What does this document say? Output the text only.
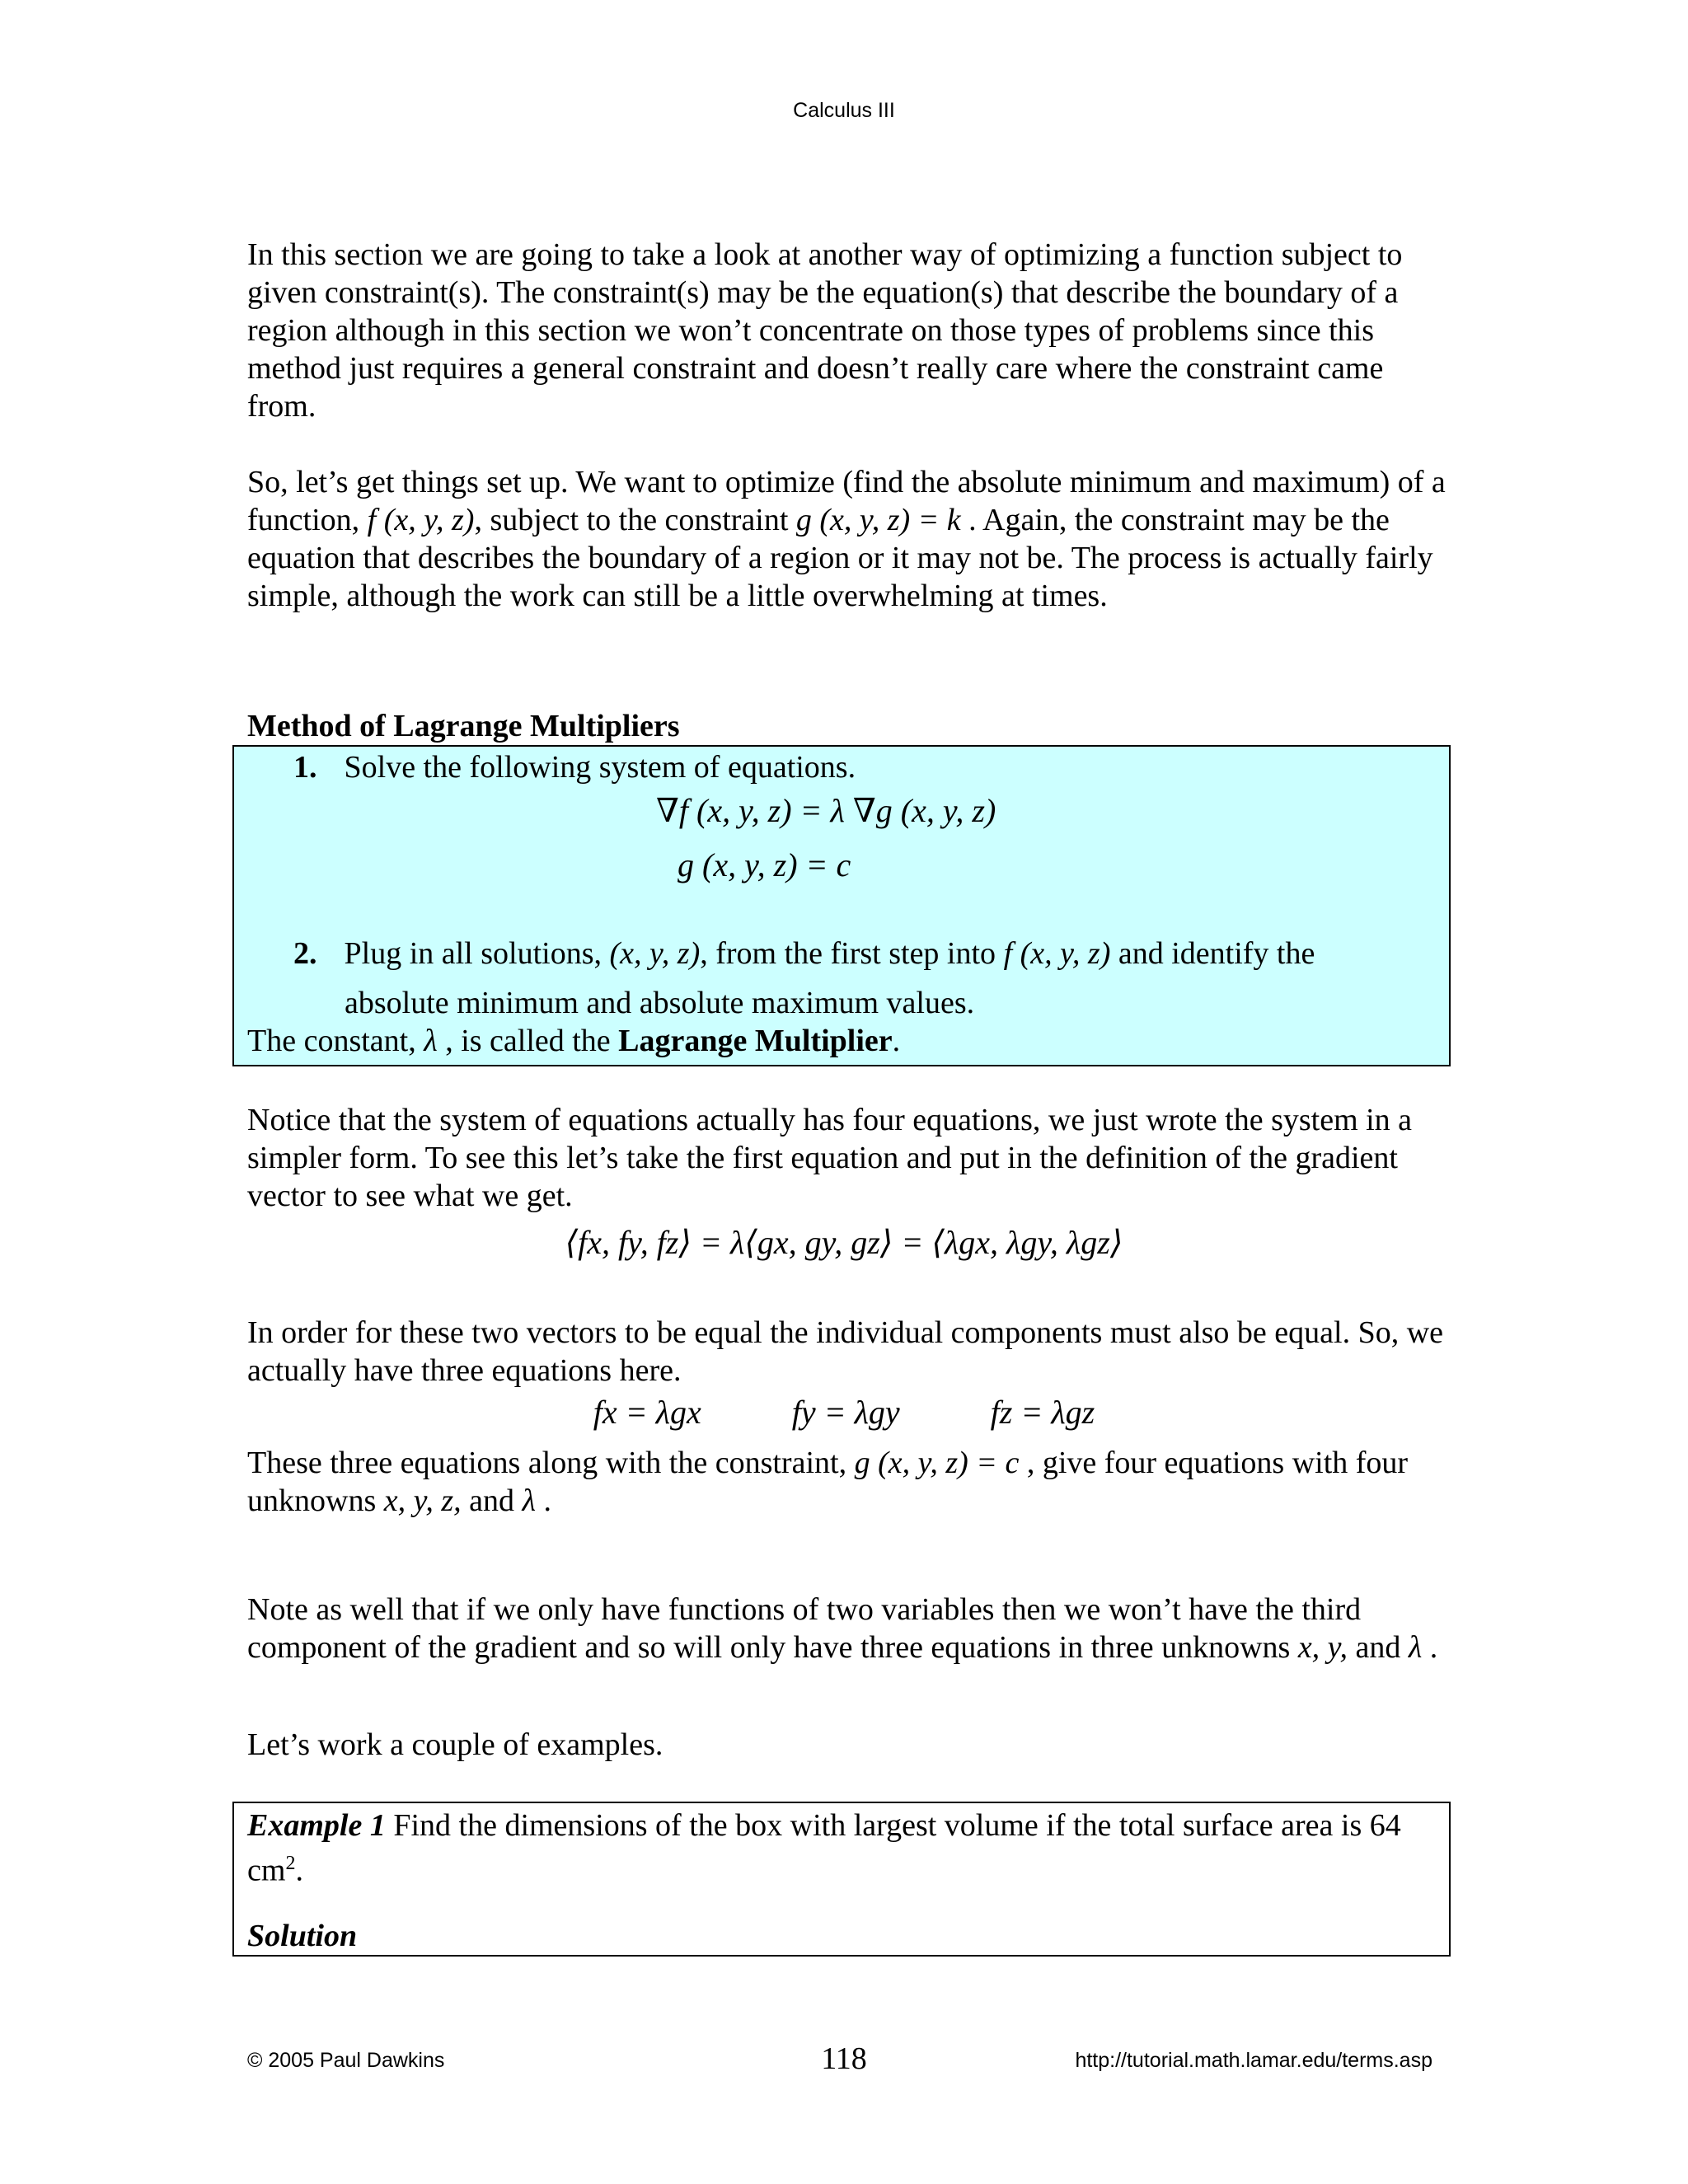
Calculus III

In this section we are going to take a look at another way of optimizing a function subject to given constraint(s). The constraint(s) may be the equation(s) that describe the boundary of a region although in this section we won’t concentrate on those types of problems since this method just requires a general constraint and doesn’t really care where the constraint came from.

So, let’s get things set up. We want to optimize (find the absolute minimum and maximum) of a function, f (x, y, z), subject to the constraint g (x, y, z) = k . Again, the constraint may be the equation that describes the boundary of a region or it may not be. The process is actually fairly simple, although the work can still be a little overwhelming at times.

Method of Lagrange Multipliers
1. Solve the following system of equations.
∇f (x, y, z) = λ ∇g (x, y, z)
g (x, y, z) = c
2. Plug in all solutions, (x, y, z), from the first step into f (x, y, z) and identify the
absolute minimum and absolute maximum values.
The constant, λ , is called the Lagrange Multiplier.

Notice that the system of equations actually has four equations, we just wrote the system in a simpler form. To see this let’s take the first equation and put in the definition of the gradient vector to see what we get.

⟨fx, fy, fz⟩ = λ⟨gx, gy, gz⟩ = ⟨λgx, λgy, λgz⟩

In order for these two vectors to be equal the individual components must also be equal. So, we actually have three equations here.

fx = λgx	fy = λgy	fz = λgz

These three equations along with the constraint, g (x, y, z) = c , give four equations with four unknowns x, y, z, and λ .

Note as well that if we only have functions of two variables then we won’t have the third component of the gradient and so will only have three equations in three unknowns x, y, and λ .

Let’s work a couple of examples.

Example 1 Find the dimensions of the box with largest volume if the total surface area is 64 $cm^2$.
Solution
© 2005 Paul Dawkins	118	http://tutorial.math.lamar.edu/terms.asp
